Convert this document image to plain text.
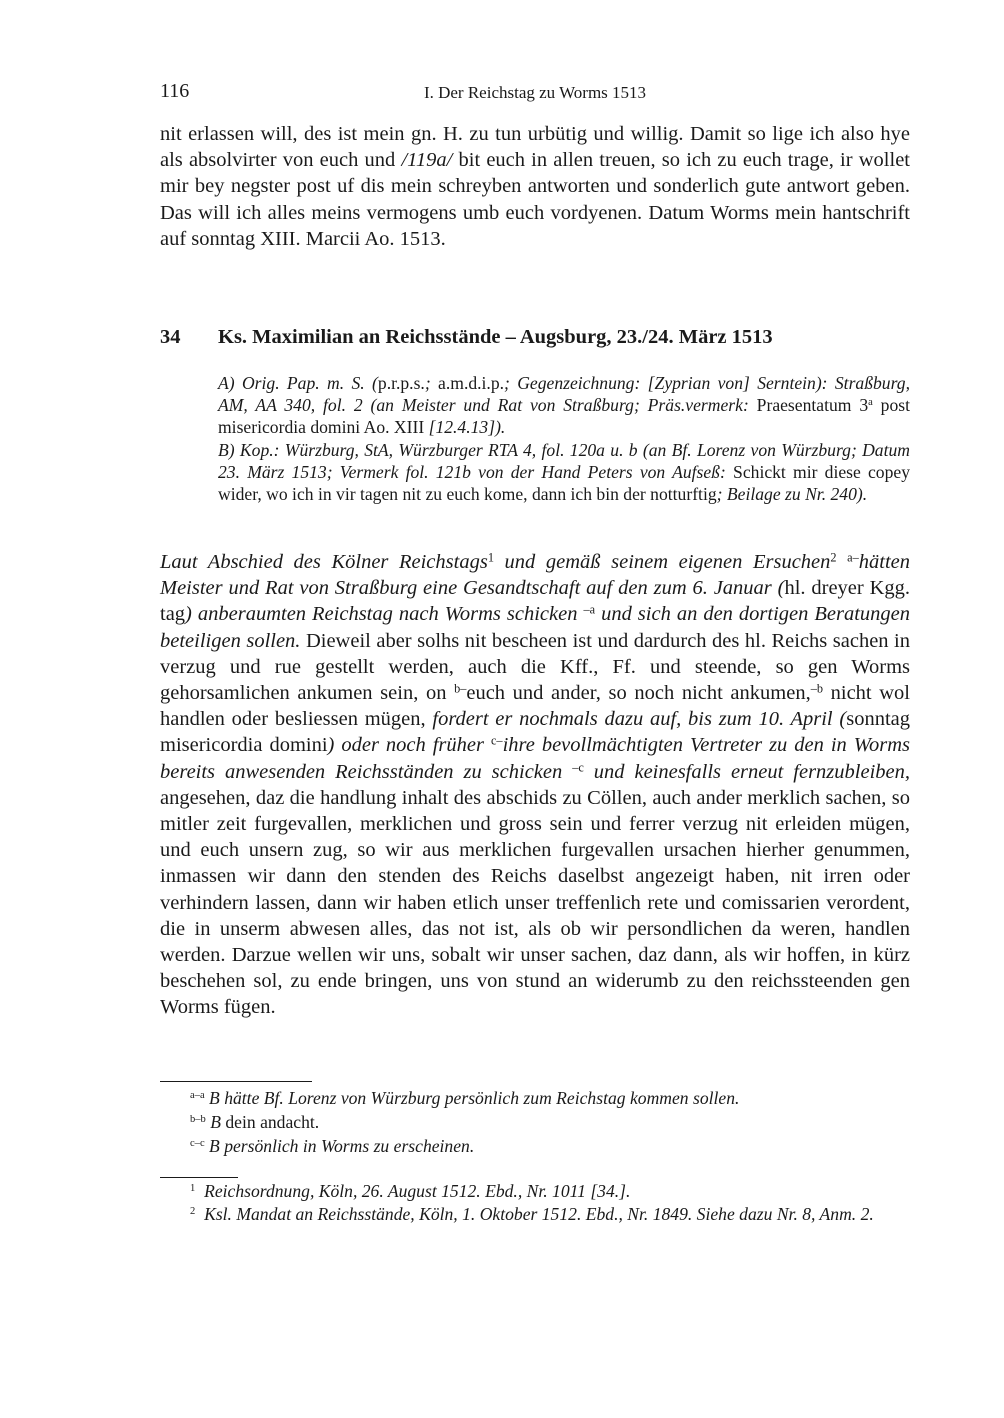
116	I. Der Reichstag zu Worms 1513

nit erlassen will, des ist mein gn. H. zu tun urbütig und willig. Damit so lige ich also hye als absolvirter von euch und /119a/ bit euch in allen treuen, so ich zu euch trage, ir wollet mir bey negster post uf dis mein schreyben antworten und sonderlich gute antwort geben. Das will ich alles meins vermogens umb euch vordyenen. Datum Worms mein hantschrift auf sonntag XIII. Marcii Ao. 1513.

34 Ks. Maximilian an Reichsstände – Augsburg, 23./24. März 1513

A) Orig. Pap. m. S. (p.r.p.s.; a.m.d.i.p.; Gegenzeichnung: [Zyprian von] Serntein): Straßburg, AM, AA 340, fol. 2 (an Meister und Rat von Straßburg; Präs.vermerk: Praesentatum 3$^a$ post misericordia domini Ao. XIII [12.4.13]).

B) Kop.: Würzburg, StA, Würzburger RTA 4, fol. 120a u. b (an Bf. Lorenz von Würzburg; Datum 23. März 1513; Vermerk fol. 121b von der Hand Peters von Aufseß: Schickt mir diese copey wider, wo ich in vir tagen nit zu euch kome, dann ich bin der notturftig; Beilage zu Nr. 240).

Laut Abschied des Kölner Reichstags$^1$ und gemäß seinem eigenen Ersuchen$^2$ $^{a-}$hätten Meister und Rat von Straßburg eine Gesandtschaft auf den zum 6. Januar (hl. dreyer Kgg. tag) anberaumten Reichstag nach Worms schicken $^{-a}$ und sich an den dortigen Beratungen beteiligen sollen. Dieweil aber solhs nit bescheen ist und dardurch des hl. Reichs sachen in verzug und rue gestellt werden, auch die Kff., Ff. und steende, so gen Worms gehorsamlichen ankumen sein, on $^{b-}$euch und ander, so noch nicht ankumen,$^{-b}$ nicht wol handlen oder besliessen mügen, fordert er nochmals dazu auf, bis zum 10. April (sonntag misericordia domini) oder noch früher $^{c-}$ihre bevollmächtigten Vertreter zu den in Worms bereits anwesenden Reichsständen zu schicken $^{-c}$ und keinesfalls erneut fernzubleiben, angesehen, daz die handlung inhalt des abschids zu Cöllen, auch ander merklich sachen, so mitler zeit furgevallen, merklichen und gross sein und ferrer verzug nit erleiden mügen, und euch unsern zug, so wir aus merklichen furgevallen ursachen hierher genummen, inmassen wir dann den stenden des Reichs daselbst angezeigt haben, nit irren oder verhindern lassen, dann wir haben etlich unser treffenlich rete und comissarien verordent, die in unserm abwesen alles, das not ist, als ob wir persondlichen da weren, handlen werden. Darzue wellen wir uns, sobalt wir unser sachen, daz dann, als wir hoffen, in kürz beschehen sol, zu ende bringen, uns von stund an widerumb zu den reichssteenden gen Worms fügen.

$^{a-a}$ B hätte Bf. Lorenz von Würzburg persönlich zum Reichstag kommen sollen.

$^{b-b}$ B dein andacht.

$^{c-c}$ B persönlich in Worms zu erscheinen.

$^1$ Reichsordnung, Köln, 26. August 1512. Ebd., Nr. 1011 [34.].

$^2$ Ksl. Mandat an Reichsstände, Köln, 1. Oktober 1512. Ebd., Nr. 1849. Siehe dazu Nr. 8, Anm. 2.
